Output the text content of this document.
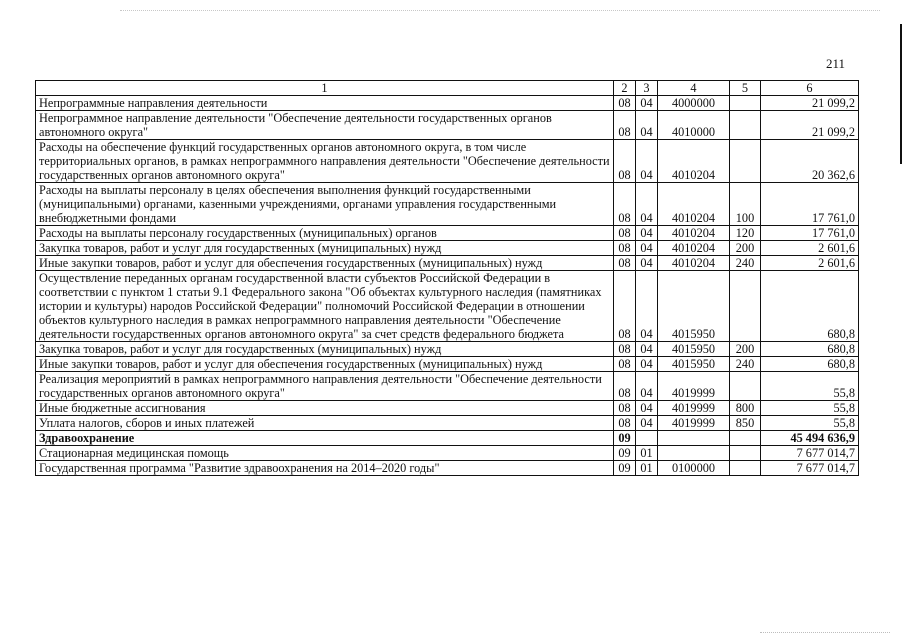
211
1	2	3	4	5	6
Непрограммные направления деятельности	08	04	4000000		21 099,2
Непрограммное направление деятельности "Обеспечение деятельности государственных органов автономного округа"	08	04	4010000		21 099,2
Расходы на обеспечение функций государственных органов автономного округа, в том числе территориальных органов, в рамках непрограммного направления деятельности "Обеспечение деятельности государственных органов автономного округа"	08	04	4010204		20 362,6
Расходы на выплаты персоналу в целях обеспечения выполнения функций государственными (муниципальными) органами, казенными учреждениями, органами управления государственными внебюджетными фондами	08	04	4010204	100	17 761,0
Расходы на выплаты персоналу государственных (муниципальных) органов	08	04	4010204	120	17 761,0
Закупка товаров, работ и услуг для государственных (муниципальных) нужд	08	04	4010204	200	2 601,6
Иные закупки товаров, работ и услуг для обеспечения государственных (муниципальных) нужд	08	04	4010204	240	2 601,6
Осуществление переданных органам государственной власти субъектов Российской Федерации в соответствии с пунктом 1 статьи 9.1 Федерального закона "Об объектах культурного наследия (памятниках истории и культуры) народов Российской Федерации" полномочий Российской Федерации в отношении объектов культурного наследия в рамках непрограммного направления деятельности "Обеспечение деятельности государственных органов автономного округа" за счет средств федерального бюджета	08	04	4015950		680,8
Закупка товаров, работ и услуг для государственных (муниципальных) нужд	08	04	4015950	200	680,8
Иные закупки товаров, работ и услуг для обеспечения государственных (муниципальных) нужд	08	04	4015950	240	680,8
Реализация мероприятий в рамках непрограммного направления деятельности "Обеспечение деятельности государственных органов автономного округа"	08	04	4019999		55,8
Иные бюджетные ассигнования	08	04	4019999	800	55,8
Уплата налогов, сборов и иных платежей	08	04	4019999	850	55,8
Здравоохранение	09				45 494 636,9
Стационарная медицинская помощь	09	01			7 677 014,7
Государственная программа "Развитие здравоохранения на 2014–2020 годы"	09	01	0100000		7 677 014,7
